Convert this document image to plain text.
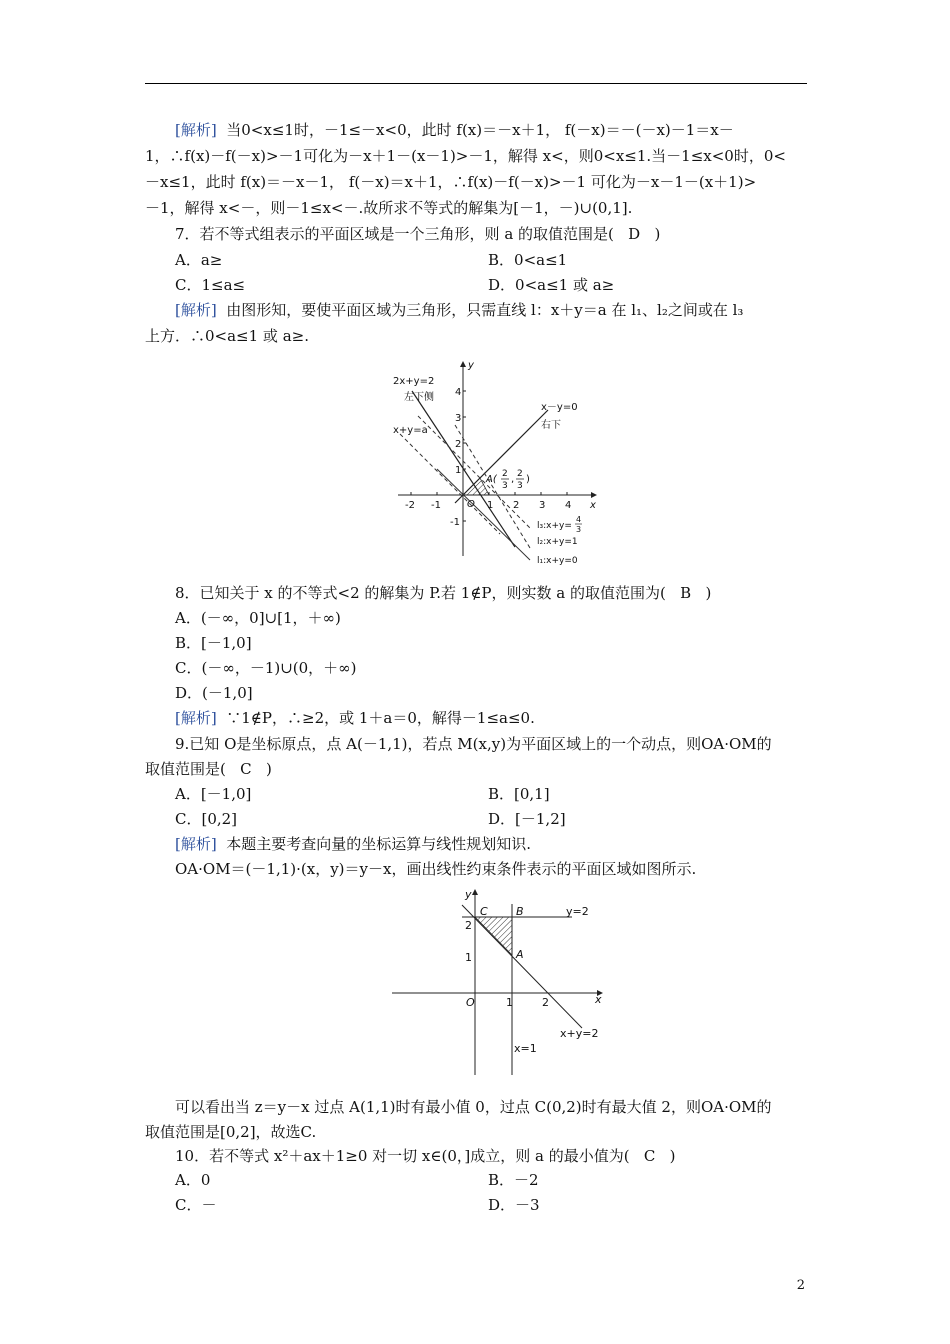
[解析]  当0<x≤1时，－1≤－x<0，此时 f(x)＝－x＋1， f(－x)＝－(－x)－1＝x－
1，∴f(x)－f(－x)>－1可化为－x＋1－(x－1)>－1，解得 x<，则0<x≤1.当－1≤x<0时，0<
－x≤1，此时 f(x)＝－x－1， f(－x)＝x＋1，∴f(x)－f(－x)>－1 可化为－x－1－(x＋1)>
－1，解得 x<－，则－1≤x<－.故所求不等式的解集为[－1，－)∪(0,1].
7．若不等式组表示的平面区域是一个三角形，则 a 的取值范围是(   D   )
A．a≥	B．0<a≤1
C．1≤a≤	D．0<a≤1 或 a≥
[解析]  由图形知，要使平面区域为三角形，只需直线 l：x＋y＝a 在 l₁、l₂之间或在 l₃
上方．∴0<a≤1 或 a≥.
2x+y=2
左下侧
x－y=0
右下
x+y=a
y
x
O
A( 2
3
, 2
3
)
l₃:x+y=
4
3
l₂:x+y=1
l₁:x+y=0
-2 -1	1 2 3 4
4
3
2
1
-1
8．已知关于 x 的不等式<2 的解集为 P.若 1∉P，则实数 a 的取值范围为(   B   )
A．(－∞，0]∪[1，＋∞)
B．[－1,0]
C．(－∞，－1)∪(0，＋∞)
D．(－1,0]
[解析]  ∵1∉P，∴≥2，或 1＋a＝0，解得－1≤a≤0.
9.已知 O是坐标原点，点 A(－1,1)，若点 M(x,y)为平面区域上的一个动点，则OA·OM的
取值范围是(   C   )
A．[－1,0]	B．[0,1]
C．[0,2]	D．[－1,2]
[解析]  本题主要考查向量的坐标运算与线性规划知识.
OA·OM＝(－1,1)·(x，y)＝y－x，画出线性约束条件表示的平面区域如图所示.
y
x
O
C	B
A
y=2
x=1
x+y=2
2
1
1	2
可以看出当 z＝y－x 过点 A(1,1)时有最小值 0，过点 C(0,2)时有最大值 2，则OA·OM的
取值范围是[0,2]，故选C.
10．若不等式 x²＋ax＋1≥0 对一切 x∈(0，]成立，则 a 的最小值为(   C   )
A．0	B．－2
C．－	D．－3
2
